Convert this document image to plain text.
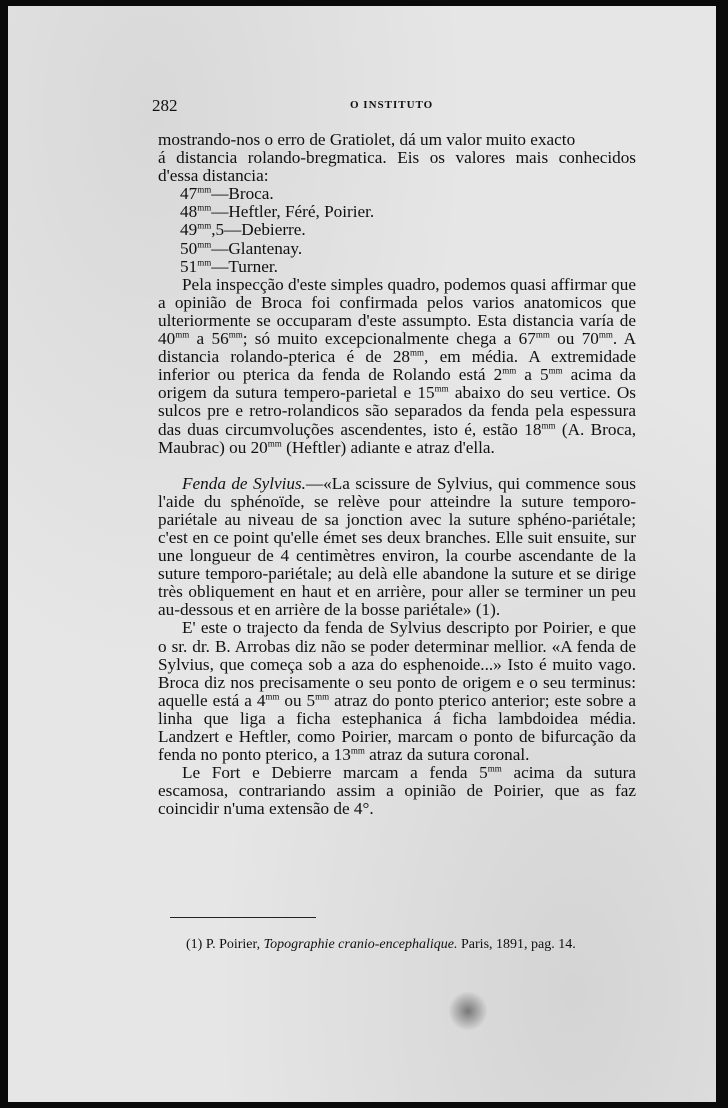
282	O INSTITUTO

mostrando-nos o erro de Gratiolet, dá um valor muito exacto

á distancia rolando-bregmatica. Eis os valores mais conhecidos d'essa distancia:

$47^{mm}—Broca$.

$48^{mm}—Heftler$, Féré, Poirier.

$49^{mm},5—Debierre$.

$50^{mm}—Glantenay$.

$51^{mm}—Turner$.

Pela inspecção d'este simples quadro, podemos quasi affirmar que a opinião de Broca foi confirmada pelos varios anatomicos que ulteriormente se occuparam d'este assumpto. Esta distancia varía de $40^{mm}$ a $56^{mm}$; só muito excepcionalmente chega a $67^{mm}$ ou $70^{mm}$. A distancia rolando-pterica é de $28^{mm}$, em média. A extremidade inferior ou pterica da fenda de Rolando está $2^{mm}$ a $5^{mm}$ acima da origem da sutura tempero-parietal e $15^{mm}$ abaixo do seu vertice. Os sulcos pre e retro-rolandicos são separados da fenda pela espessura das duas circumvoluções ascendentes, isto é, estão $18^{mm}$ (A. Broca, Maubrac) ou $20^{mm}$ (Heftler) adiante e atraz d'ella.

Fenda de Sylvius.—«La scissure de Sylvius, qui commence sous l'aide du sphénoïde, se relève pour atteindre la suture temporo-pariétale au niveau de sa jonction avec la suture sphéno-pariétale; c'est en ce point qu'elle émet ses deux branches. Elle suit ensuite, sur une longueur de 4 centimètres environ, la courbe ascendante de la suture temporo-pariétale; au delà elle abandone la suture et se dirige très obliquement en haut et en arrière, pour aller se terminer un peu au-dessous et en arrière de la bosse pariétale» (1).

E' este o trajecto da fenda de Sylvius descripto por Poirier, e que o sr. dr. B. Arrobas diz não se poder determinar mellior. «A fenda de Sylvius, que começa sob a aza do esphenoide...» Isto é muito vago. Broca diz nos precisamente o seu ponto de origem e o seu terminus: aquelle está a $4^{mm}$ ou $5^{mm}$ atraz do ponto pterico anterior; este sobre a linha que liga a ficha estephanica á ficha lambdoidea média. Landzert e Heftler, como Poirier, marcam o ponto de bifurcação da fenda no ponto pterico, a $13^{mm}$ atraz da sutura coronal.

Le Fort e Debierre marcam a fenda $5^{mm}$ acima da sutura escamosa, contrariando assim a opinião de Poirier, que as faz coincidir n'uma extensão de 4°.

(1) P. Poirier, Topographie cranio-encephalique. Paris, 1891, pag. 14.
